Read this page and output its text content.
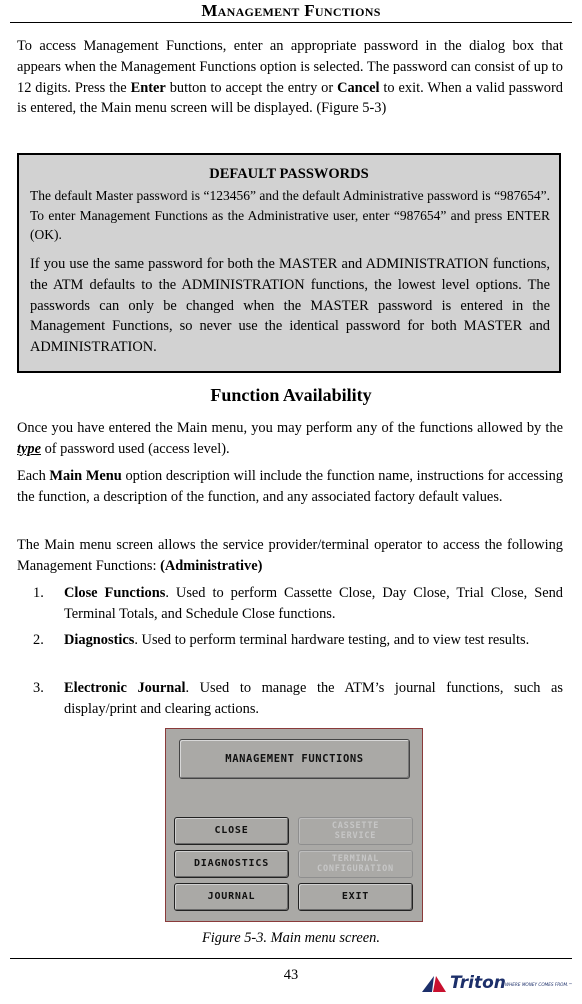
Management Functions

To access Management Functions, enter an appropriate password in the dialog box that appears when the Management Functions option is selected. The password can consist of up to 12 digits. Press the Enter button to accept the entry or Cancel to exit. When a valid password is entered, the Main menu screen will be displayed. (Figure 5-3)

DEFAULT PASSWORDS

The default Master password is “123456” and the default Administrative password is “987654”. To enter Management Functions as the Administrative user, enter “987654” and press ENTER (OK).

If you use the same password for both the MASTER and ADMINISTRATION functions, the ATM defaults to the ADMINISTRATION functions, the lowest level options. The passwords can only be changed when the MASTER password is entered in the Management Functions, so never use the identical password for both MASTER and ADMINISTRATION.

Function Availability

Once you have entered the Main menu, you may perform any of the functions allowed by the type of password used (access level).

Each Main Menu option description will include the function name, instructions for accessing the function, a description of the function, and any associated factory default values.

The Main menu screen allows the service provider/terminal operator to access the following Management Functions: (Administrative)

1. Close Functions. Used to perform Cassette Close, Day Close, Trial Close, Send Terminal Totals, and Schedule Close functions.

2. Diagnostics. Used to perform terminal hardware testing, and to view test results.

3. Electronic Journal. Used to manage the ATM’s journal functions, such as display/print and clearing actions.

MANAGEMENT FUNCTIONS
CLOSE	CASSETTE
SERVICE
DIAGNOSTICS	TERMINAL
CONFIGURATION
JOURNAL	EXIT
Figure 5-3. Main menu screen.
43	Triton WHERE MONEY COMES FROM.™
